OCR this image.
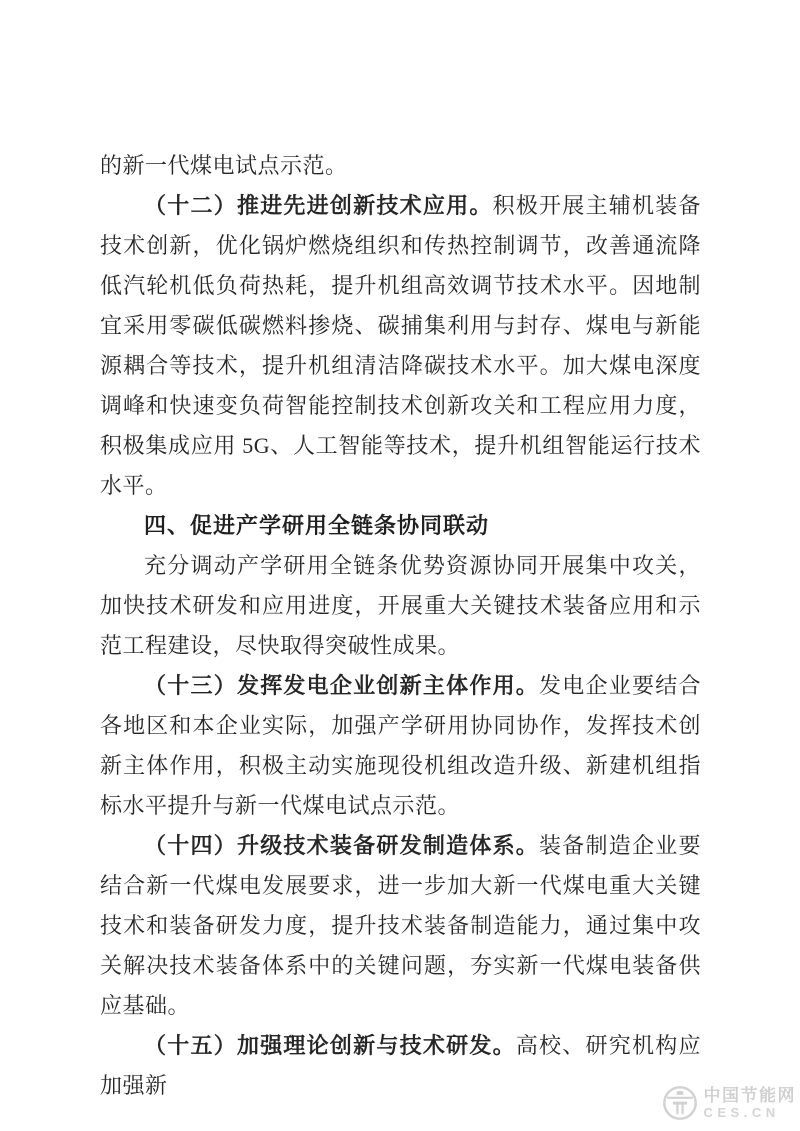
的新一代煤电试点示范。

（十二）推进先进创新技术应用。积极开展主辅机装备技术创新，优化锅炉燃烧组织和传热控制调节，改善通流降低汽轮机低负荷热耗，提升机组高效调节技术水平。因地制宜采用零碳低碳燃料掺烧、碳捕集利用与封存、煤电与新能源耦合等技术，提升机组清洁降碳技术水平。加大煤电深度调峰和快速变负荷智能控制技术创新攻关和工程应用力度，积极集成应用 5G、人工智能等技术，提升机组智能运行技术水平。

四、促进产学研用全链条协同联动

充分调动产学研用全链条优势资源协同开展集中攻关，加快技术研发和应用进度，开展重大关键技术装备应用和示范工程建设，尽快取得突破性成果。

（十三）发挥发电企业创新主体作用。发电企业要结合各地区和本企业实际，加强产学研用协同协作，发挥技术创新主体作用，积极主动实施现役机组改造升级、新建机组指标水平提升与新一代煤电试点示范。

（十四）升级技术装备研发制造体系。装备制造企业要结合新一代煤电发展要求，进一步加大新一代煤电重大关键技术和装备研发力度，提升技术装备制造能力，通过集中攻关解决技术装备体系中的关键问题，夯实新一代煤电装备供应基础。

（十五）加强理论创新与技术研发。高校、研究机构应加强新	中国节能网
CES.CN
